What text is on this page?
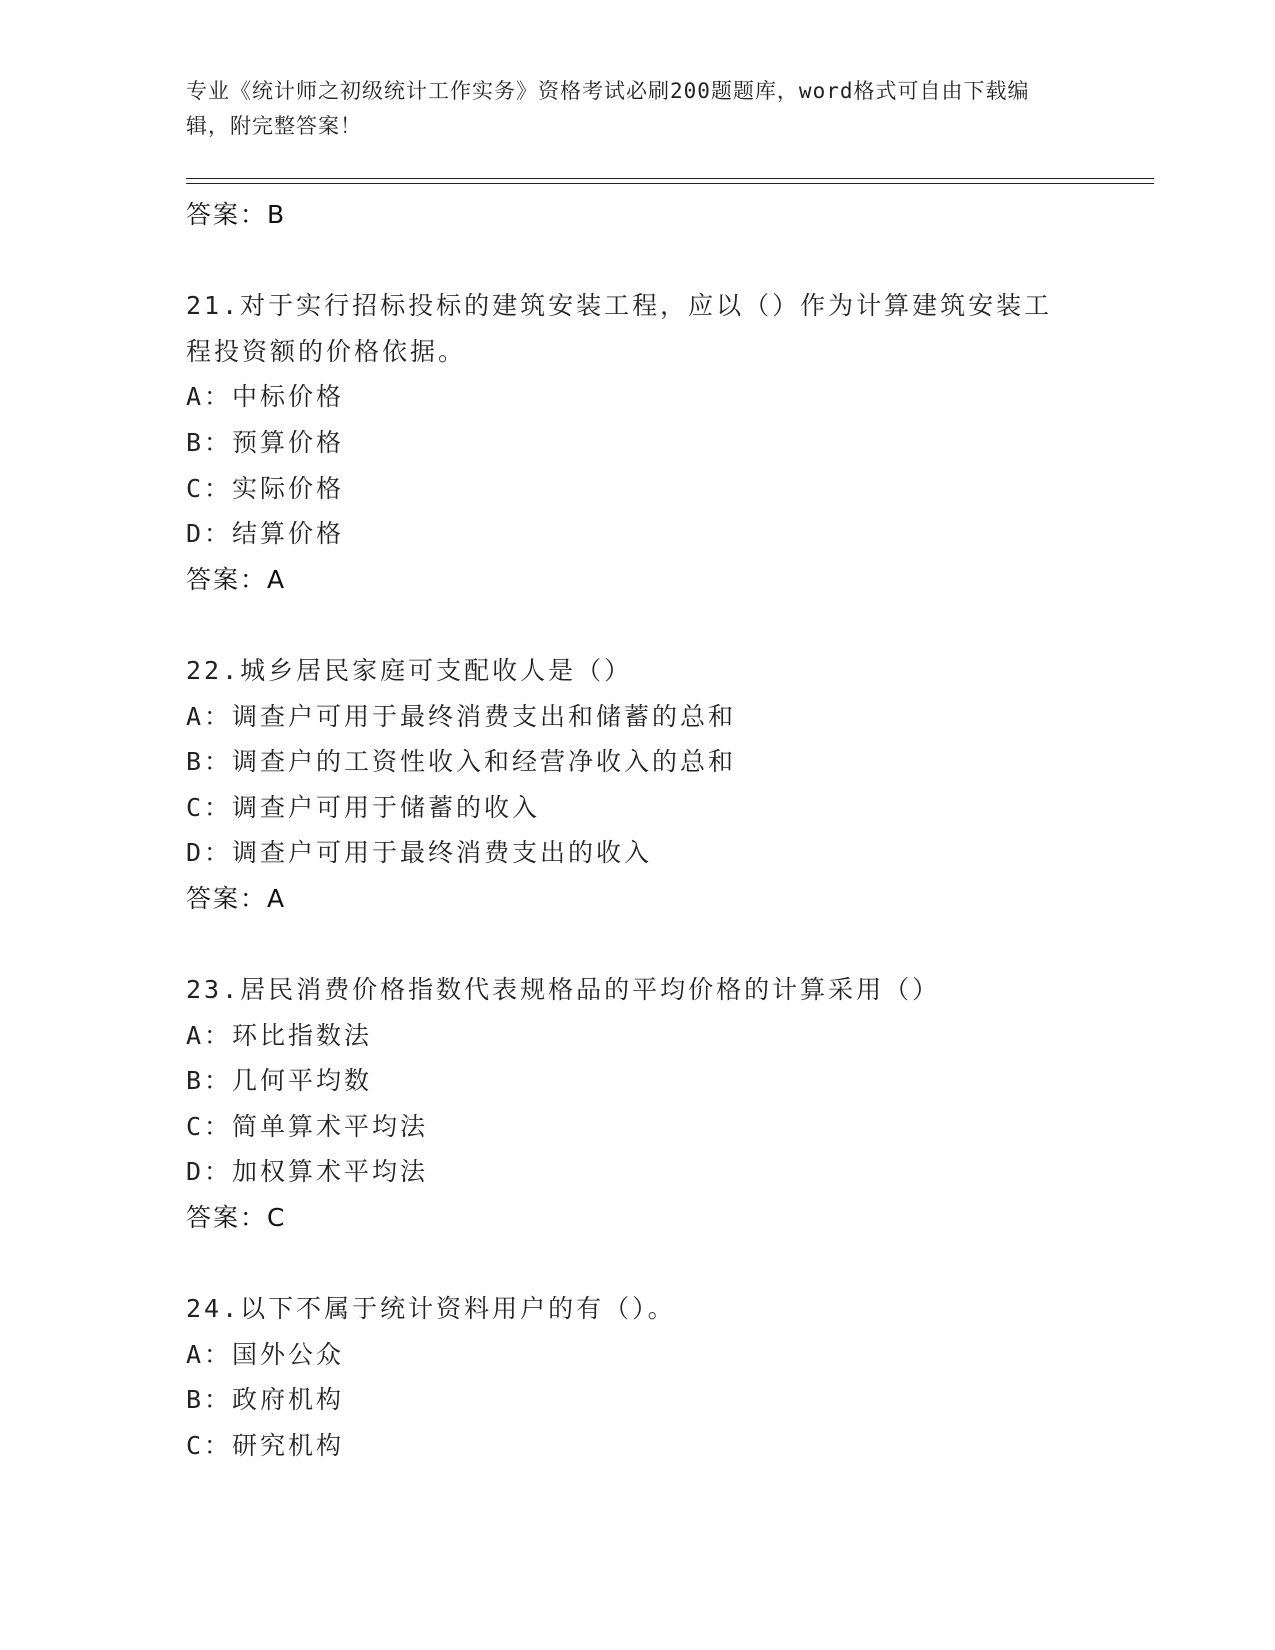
专业《统计师之初级统计工作实务》资格考试必刷200题题库，word格式可自由下载编辑，附完整答案！
答案：B
21.对于实行招标投标的建筑安装工程，应以（）作为计算建筑安装工
程投资额的价格依据。
A：中标价格
B：预算价格
C：实际价格
D：结算价格
答案：A
22.城乡居民家庭可支配收人是（）
A：调查户可用于最终消费支出和储蓄的总和
B：调查户的工资性收入和经营净收入的总和
C：调查户可用于储蓄的收入
D：调查户可用于最终消费支出的收入
答案：A
23.居民消费价格指数代表规格品的平均价格的计算采用（）
A：环比指数法
B：几何平均数
C：简单算术平均法
D：加权算术平均法
答案：C
24.以下不属于统计资料用户的有（）。
A：国外公众
B：政府机构
C：研究机构
